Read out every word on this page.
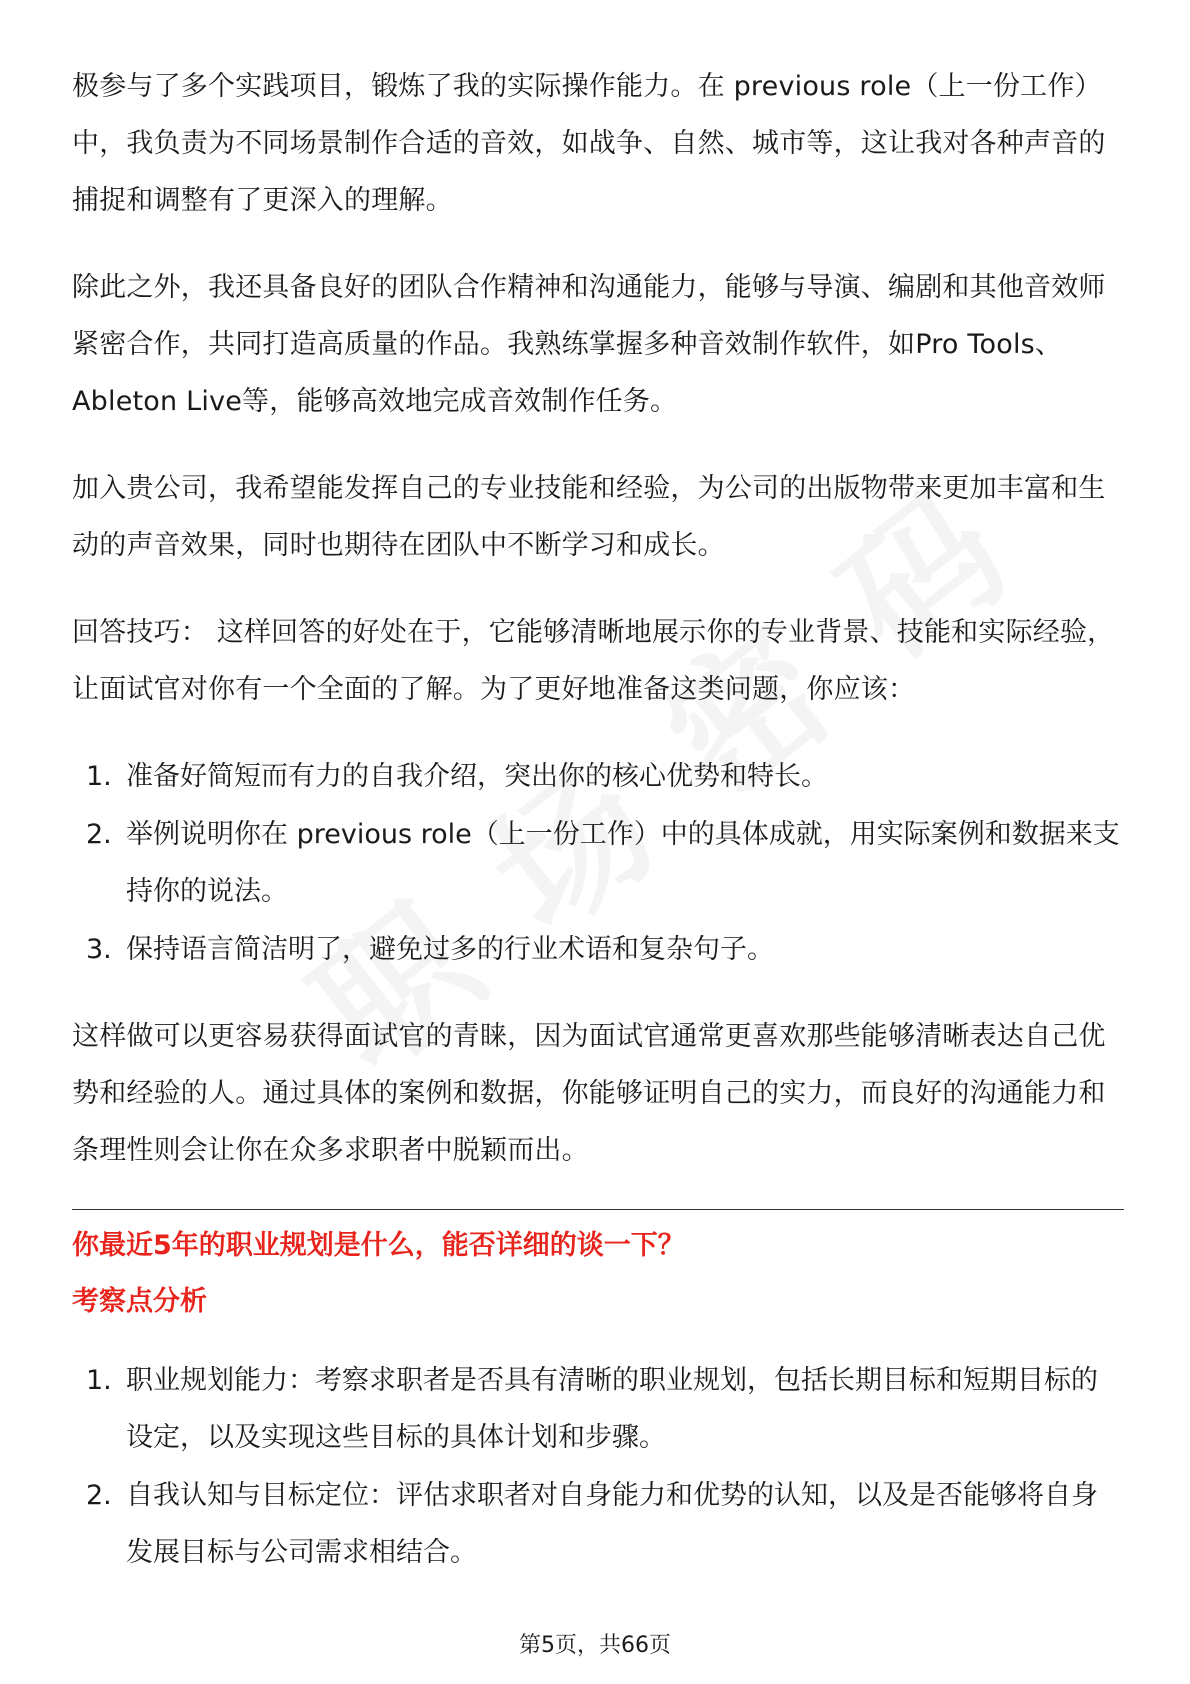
极参与了多个实践项目，锻炼了我的实际操作能力。在 previous role（上一份工作）中，我负责为不同场景制作合适的音效，如战争、自然、城市等，这让我对各种声音的捕捉和调整有了更深入的理解。

除此之外，我还具备良好的团队合作精神和沟通能力，能够与导演、编剧和其他音效师紧密合作，共同打造高质量的作品。我熟练掌握多种音效制作软件，如Pro Tools、Ableton Live等，能够高效地完成音效制作任务。

加入贵公司，我希望能发挥自己的专业技能和经验，为公司的出版物带来更加丰富和生动的声音效果，同时也期待在团队中不断学习和成长。

回答技巧： 这样回答的好处在于，它能够清晰地展示你的专业背景、技能和实际经验，让面试官对你有一个全面的了解。为了更好地准备这类问题，你应该：

1. 准备好简短而有力的自我介绍，突出你的核心优势和特长。
2. 举例说明你在 previous role（上一份工作）中的具体成就，用实际案例和数据来支持你的说法。
3. 保持语言简洁明了，避免过多的行业术语和复杂句子。

这样做可以更容易获得面试官的青睐，因为面试官通常更喜欢那些能够清晰表达自己优势和经验的人。通过具体的案例和数据，你能够证明自己的实力，而良好的沟通能力和条理性则会让你在众多求职者中脱颖而出。

你最近5年的职业规划是什么，能否详细的谈一下？

考察点分析

1. 职业规划能力：考察求职者是否具有清晰的职业规划，包括长期目标和短期目标的设定，以及实现这些目标的具体计划和步骤。
2. 自我认知与目标定位：评估求职者对自身能力和优势的认知，以及是否能够将自身发展目标与公司需求相结合。
第5页，共66页
